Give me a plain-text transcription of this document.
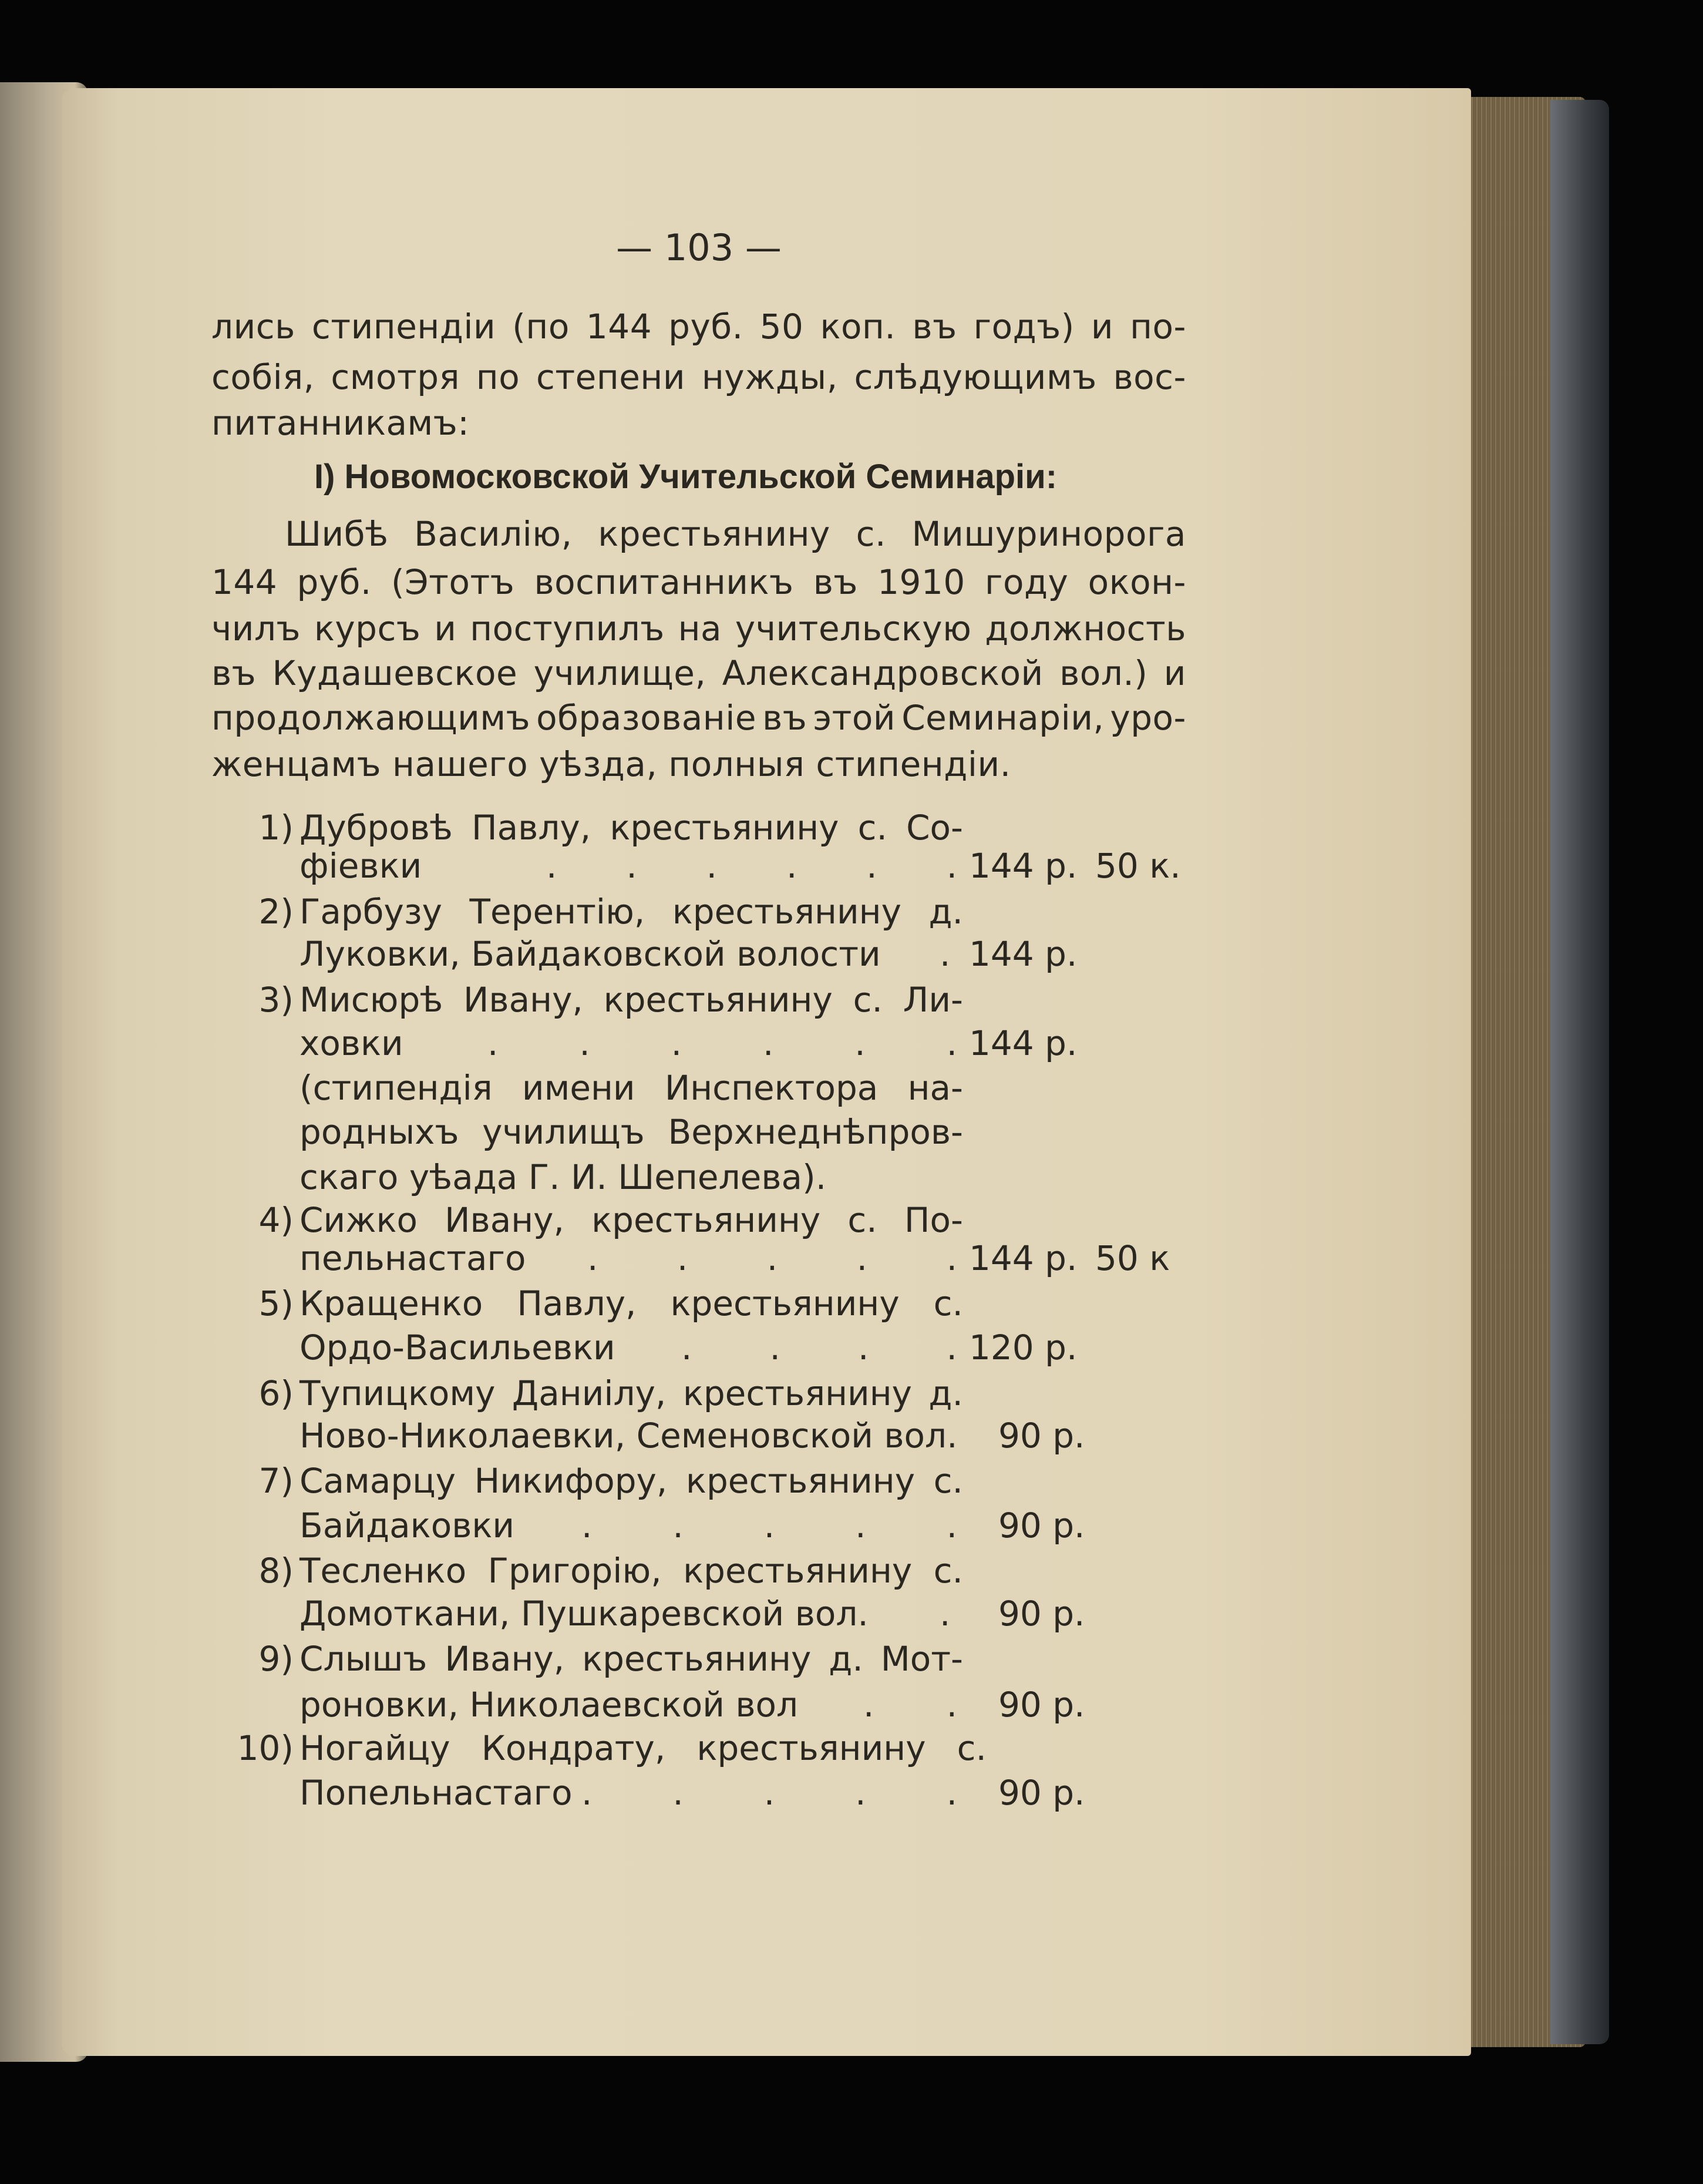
— 103 —
лись стипендiи (по 144 руб. 50 коп. въ годъ) и по-
собiя, смотря по степени нужды, слѣдующимъ вос-
питанникамъ:
I) Новомосковской Учительской Семинарiи:
Шибѣ Василiю, крестьянину с. Мишуринорога
144 руб. (Этотъ воспитанникъ въ 1910 году окон-
чилъ курсъ и поступилъ на учительскую должность
въ Кудашевское училище, Александровской вол.) и
продолжающимъ образованiе въ этой Семинарiи, уро-
женцамъ нашего уѣзда, полныя стипендiи.
1) Дубровѣ Павлу, крестьянину с. Со-
фiевки	. . . . . . 144 р. 50 к.
2) Гарбузу Терентiю, крестьянину д.
Луковки, Байдаковской волости	. 144 р.
3) Мисюрѣ Ивану, крестьянину с. Ли-
ховки	. . . . . . 144 р.
(стипендiя имени Инспектора на-
родныхъ училищъ Верхнеднѣпров-
скаго уѣада Г. И. Шепелева).
4) Сижко Ивану, крестьянину с. По-
пельнастаго	. . . . . 144 р. 50 к
5) Кращенко Павлу, крестьянину с.
Ордо-Васильевки	. . . . 120 р.
6) Тупицкому Даниiлу, крестьянину д.
Ново-Николаевки, Семеновской вол. 90 р.
7) Самарцу Никифору, крестьянину с.
Байдаковки	. . . . . 90 р.
8) Тесленко Григорiю, крестьянину с.
Домоткани, Пушкаревской вол.	. 90 р.
9) Слышъ Ивану, крестьянину д. Мот-
роновки, Николаевской вол	. . 90 р.
10) Ногайцу Кондрату, крестьянину с.
Попельнастаго . . . . . 90 р.
